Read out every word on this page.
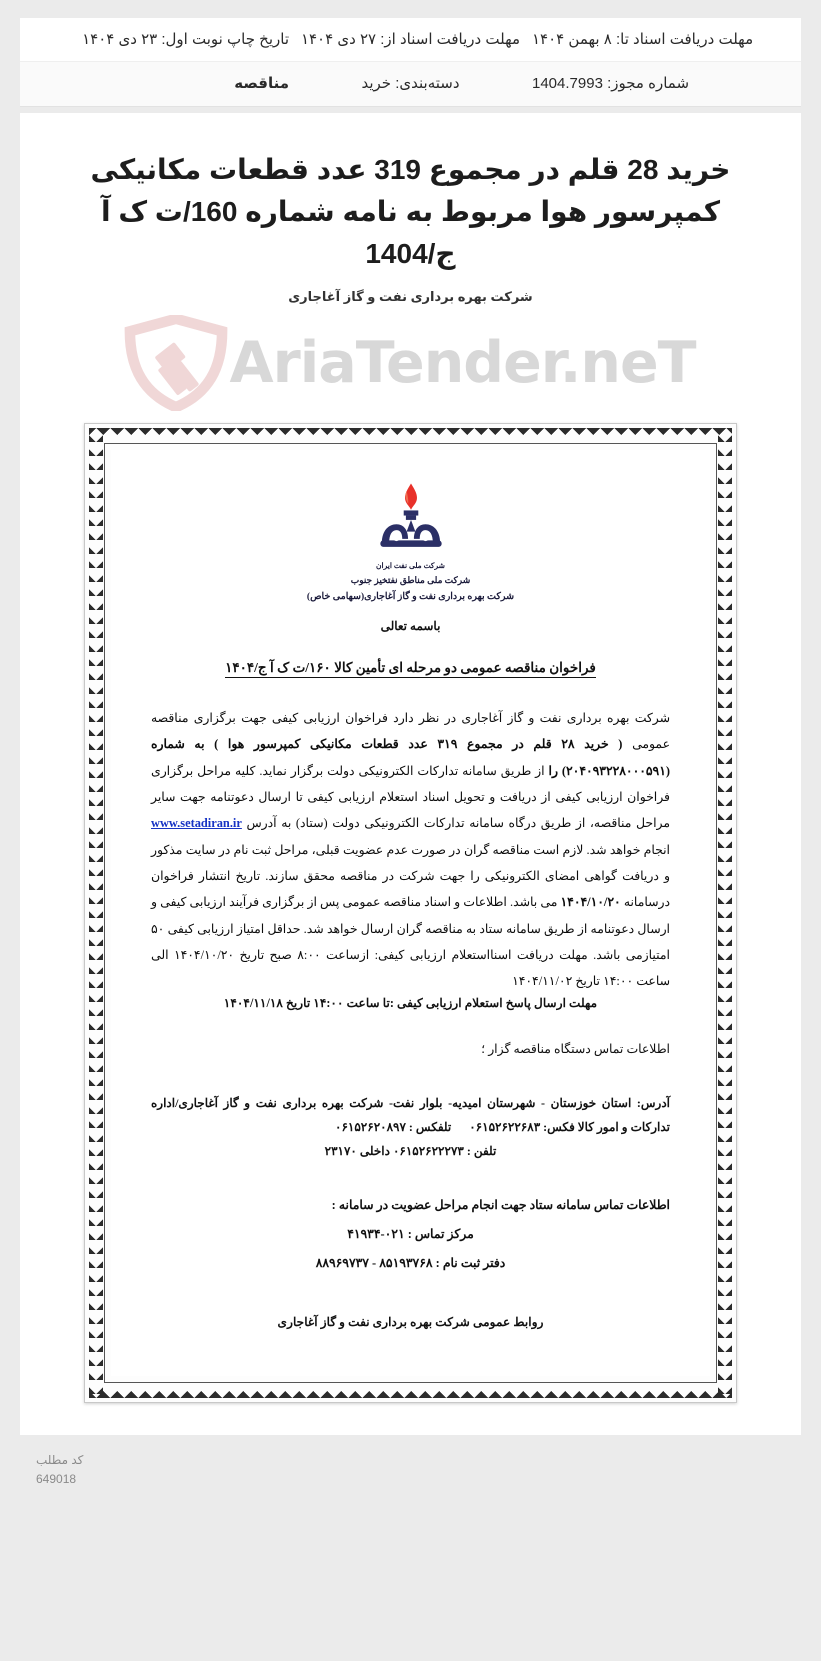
مهلت دریافت اسناد تا: ۸ بهمن ۱۴۰۴
مهلت دریافت اسناد از: ۲۷ دی ۱۴۰۴
تاریخ چاپ نوبت اول: ۲۳ دی ۱۴۰۴
شماره مجوز: 1404.7993
دسته‌بندی: خرید
مناقصه
خرید 28 قلم در مجموع 319 عدد قطعات مکانیکی کمپرسور هوا مربوط به نامه شماره 160/ت ک آ ج/1404
شرکت بهره برداری نفت و گاز آغاجاری
AriaTender.neT
شرکت ملی نفت ایران
شرکت ملی مناطق نفتخیز جنوب
شرکت بهره برداری نفت و گاز آغاجاری(سهامی خاص)
باسمه تعالی
فراخوان مناقصه عمومی دو مرحله ای تأمین کالا ۱۶۰/ت ک آ ج/۱۴۰۴

شرکت بهره برداری نفت و گاز آغاجاری در نظر دارد فراخوان ارزیابی کیفی جهت برگزاری مناقصه عمومی ( خرید ۲۸ قلم در مجموع ۳۱۹ عدد قطعات مکانیکی کمپرسور هوا ) به شماره (۲۰۴۰۹۳۲۲۸۰۰۰۵۹۱) را از طریق سامانه تدارکات الکترونیکی دولت برگزار نماید. کلیه مراحل برگزاری فراخوان ارزیابی کیفی از دریافت و تحویل اسناد استعلام ارزیابی کیفی تا ارسال دعوتنامه جهت سایر مراحل مناقصه، از طریق درگاه سامانه تدارکات الکترونیکی دولت (ستاد) به آدرس www.setadiran.ir انجام خواهد شد. لازم است مناقصه گران در صورت عدم عضویت قبلی، مراحل ثبت نام در سایت مذکور و دریافت گواهی امضای الکترونیکی را جهت شرکت در مناقصه محقق سازند. تاریخ انتشار فراخوان درسامانه ۱۴۰۴/۱۰/۲۰ می باشد. اطلاعات و اسناد مناقصه عمومی پس از برگزاری فرآیند ارزیابی کیفی و ارسال دعوتنامه از طریق سامانه ستاد به مناقصه گران ارسال خواهد شد. حداقل امتیاز ارزیابی کیفی ۵۰ امتیازمی باشد. مهلت دریافت اسنااستعلام ارزیابی کیفی: ازساعت ۸:۰۰ صبح تاریخ ۱۴۰۴/۱۰/۲۰ الی ساعت ۱۴:۰۰ تاریخ ۱۴۰۴/۱۱/۰۲

مهلت ارسال پاسخ استعلام ارزیابی کیفی :تا ساعت ۱۴:۰۰ تاریخ ۱۴۰۴/۱۱/۱۸
اطلاعات تماس دستگاه مناقصه گزار ؛
آدرس: استان خوزستان - شهرستان امیدیه- بلوار نفت- شرکت بهره برداری نفت و گاز آغاجاری/اداره تدارکات و امور کالا فکس: ۰۶۱۵۲۶۲۲۶۸۳      تلفکس : ۰۶۱۵۲۶۲۰۸۹۷
تلفن : ۰۶۱۵۲۶۲۲۲۷۳ داخلی ۲۳۱۷۰
اطلاعات تماس سامانه ستاد جهت انجام مراحل عضویت در سامانه :
مرکز تماس : ۰۲۱-۴۱۹۳۴
دفتر ثبت نام : ۸۵۱۹۳۷۶۸ - ۸۸۹۶۹۷۳۷
روابط عمومی شرکت بهره برداری نفت و گاز آغاجاری
کد مطلب
649018
